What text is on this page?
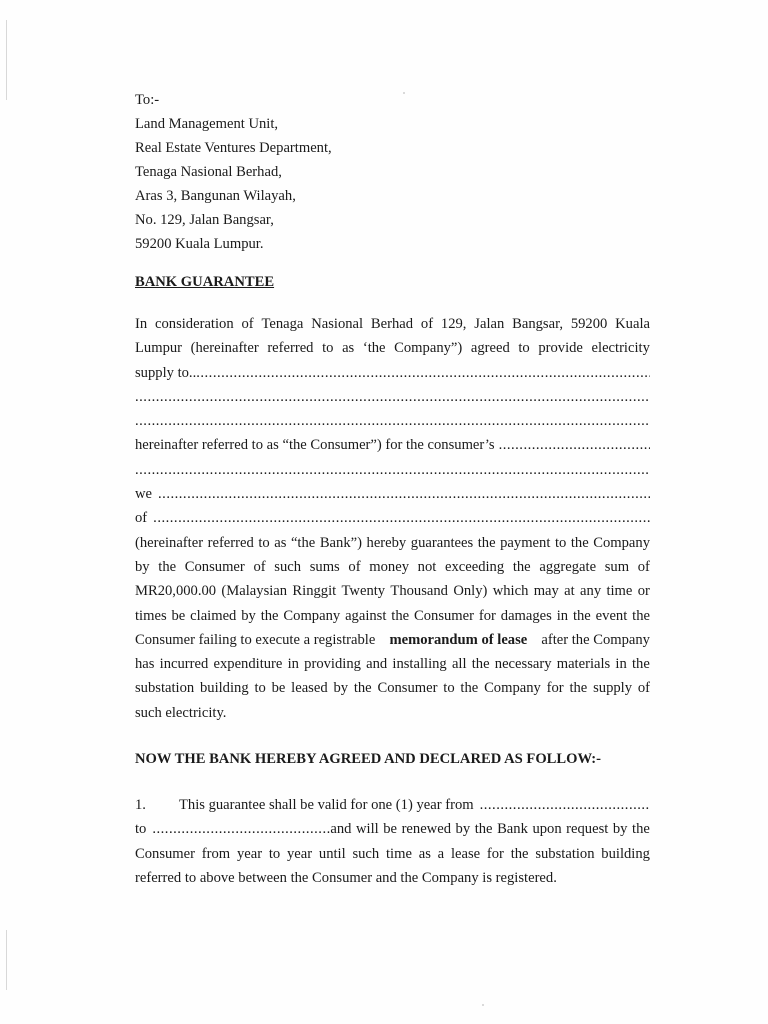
To:-
Land Management Unit,
Real Estate Ventures Department,
Tenaga Nasional Berhad,
Aras 3, Bangunan Wilayah,
No. 129, Jalan Bangsar,
59200 Kuala Lumpur.
BANK GUARANTEE
In consideration of Tenaga Nasional Berhad of 129, Jalan Bangsar, 59200 Kuala
Lumpur (hereinafter referred to as ‘the Company”) agreed to provide electricity
supply to..
.....
.....
.....
hereinafter referred to as “the Consumer”) for the consumer’s
.....
.....
we
.....
of
.....
(hereinafter referred to as “the Bank”) hereby guarantees the payment to the Company
by the Consumer of such sums of money not exceeding the aggregate sum of
MR20,000.00 (Malaysian Ringgit Twenty Thousand Only) which may at any time or
times be claimed by the Company against the Consumer for damages in the event the
Consumer failing to execute a registrable memorandum of lease after the Company
has incurred expenditure in providing and installing all the necessary materials in the
substation building to be leased by the Consumer to the Company for the supply of
such electricity.
NOW THE BANK HEREBY AGREED AND DECLARED AS FOLLOW:-
1.	This guarantee shall be valid for one (1) year from
.....
to
.....	and will be renewed by the Bank upon request by the
Consumer from year to year until such time as a lease for the substation building
referred to above between the Consumer and the Company is registered.
